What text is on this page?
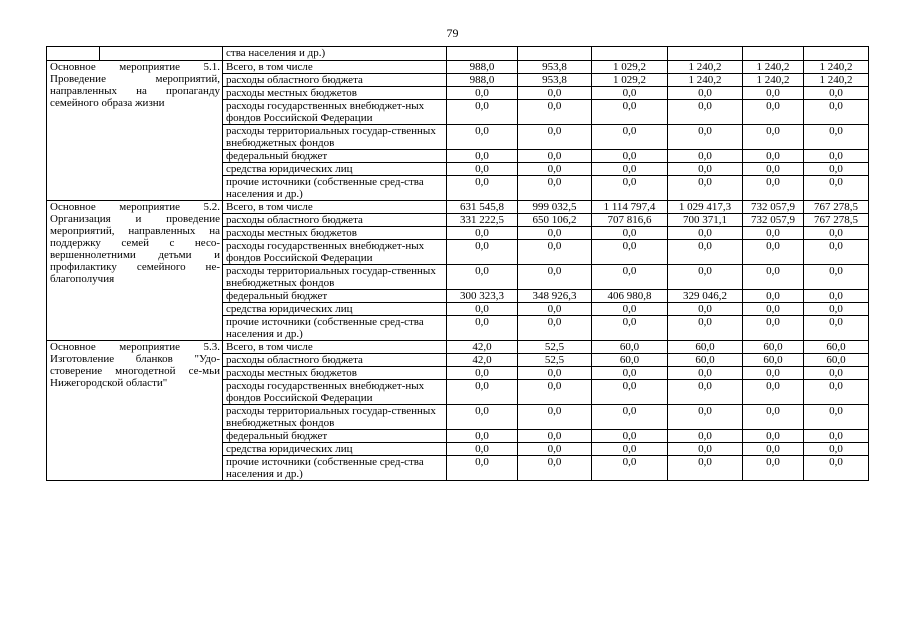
79
	ства населения и др.)						
Основное мероприятие 5.1. Проведение мероприятий, направленных на пропаганду семейного образа жизни	Всего, в том числе	988,0	953,8	1 029,2	1 240,2	1 240,2	1 240,2
	расходы областного бюджета	988,0	953,8	1 029,2	1 240,2	1 240,2	1 240,2
	расходы местных бюджетов	0,0	0,0	0,0	0,0	0,0	0,0
	расходы государственных внебюджет-ных фондов Российской Федерации	0,0	0,0	0,0	0,0	0,0	0,0
	расходы территориальных государ-ственных внебюджетных фондов	0,0	0,0	0,0	0,0	0,0	0,0
	федеральный бюджет	0,0	0,0	0,0	0,0	0,0	0,0
	средства юридических лиц	0,0	0,0	0,0	0,0	0,0	0,0
	прочие источники (собственные сред-ства населения и др.)	0,0	0,0	0,0	0,0	0,0	0,0
Основное мероприятие 5.2. Организация и проведение мероприятий, направленных на поддержку семей с несо-вершеннолетними детьми и профилактику семейного не-благополучия	Всего, в том числе	631 545,8	999 032,5	1 114 797,4	1 029 417,3	732 057,9	767 278,5
	расходы областного бюджета	331 222,5	650 106,2	707 816,6	700 371,1	732 057,9	767 278,5
	расходы местных бюджетов	0,0	0,0	0,0	0,0	0,0	0,0
	расходы государственных внебюджет-ных фондов Российской Федерации	0,0	0,0	0,0	0,0	0,0	0,0
	расходы территориальных государ-ственных внебюджетных фондов	0,0	0,0	0,0	0,0	0,0	0,0
	федеральный бюджет	300 323,3	348 926,3	406 980,8	329 046,2	0,0	0,0
	средства юридических лиц	0,0	0,0	0,0	0,0	0,0	0,0
	прочие источники (собственные сред-ства населения и др.)	0,0	0,0	0,0	0,0	0,0	0,0
Основное мероприятие 5.3. Изготовление бланков "Удо-стоверение многодетной се-мьи Нижегородской области"	Всего, в том числе	42,0	52,5	60,0	60,0	60,0	60,0
	расходы областного бюджета	42,0	52,5	60,0	60,0	60,0	60,0
	расходы местных бюджетов	0,0	0,0	0,0	0,0	0,0	0,0
	расходы государственных внебюджет-ных фондов Российской Федерации	0,0	0,0	0,0	0,0	0,0	0,0
	расходы территориальных государ-ственных внебюджетных фондов	0,0	0,0	0,0	0,0	0,0	0,0
	федеральный бюджет	0,0	0,0	0,0	0,0	0,0	0,0
	средства юридических лиц	0,0	0,0	0,0	0,0	0,0	0,0
	прочие источники (собственные сред-ства населения и др.)	0,0	0,0	0,0	0,0	0,0	0,0
